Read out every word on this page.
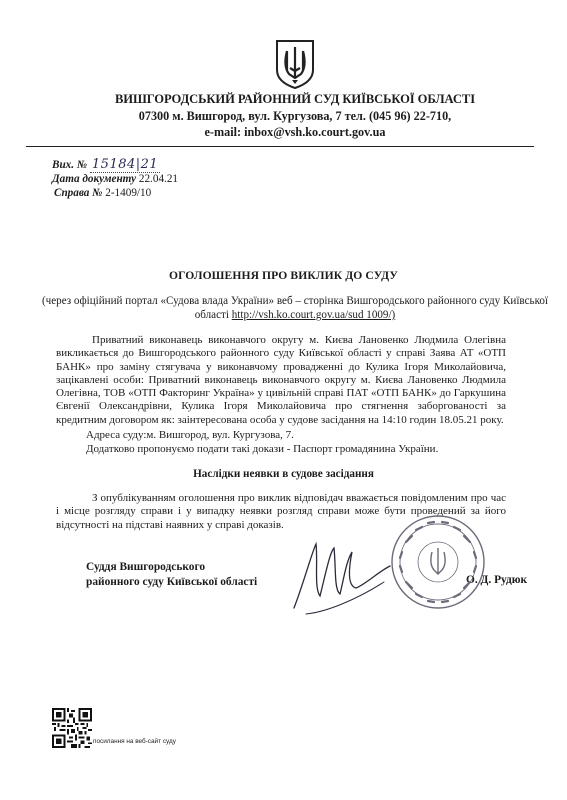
ВИШГОРОДСЬКИЙ РАЙОННИЙ СУД КИЇВСЬКОЇ ОБЛАСТІ
07300 м. Вишгород, вул. Кургузова, 7 тел. (045 96) 22-710,
e-mail: inbox@vsh.ko.court.gov.ua
Вих. № 15184|21
Дата документу 22.04.21
Справа № 2-1409/10
ОГОЛОШЕННЯ ПРО ВИКЛИК ДО СУДУ
(через офіційний портал «Судова влада України» веб – сторінка Вишгородського районного суду Київської області http://vsh.ko.court.gov.ua/sud 1009/)
Приватний виконавець виконавчого округу м. Києва Лановенко Людмила Олегівна викликається до Вишгородського районного суду Київської області у справі Заява АТ «ОТП БАНК» про заміну стягувача у виконавчому провадженні до Кулика Ігоря Миколайовича, зацікавлені особи: Приватний виконавець виконавчого округу м. Києва Лановенко Людмила Олегівна, ТОВ «ОТП Факторинг Україна» у цивільній справі ПАТ «ОТП БАНК» до Гаркушина Євгенії Олександрівни, Кулика Ігоря Миколайовича про стягнення заборгованості за кредитним договором як: заінтересована особа у судове засідання на 14:10 годин 18.05.21 року.
Адреса суду:м. Вишгород, вул. Кургузова, 7.
Додатково пропонуємо подати такі докази - Паспорт громадянина України.
Наслідки неявки в судове засідання
З опублікуванням оголошення про виклик відповідач вважається повідомленим про час і місце розгляду справи і у випадку неявки розгляд справи може бути проведений за його відсутності на підставі наявних у справі доказів.
Суддя Вишгородського
районного суду Київської області	О. Д. Рудюк
посилання на веб-сайт суду
